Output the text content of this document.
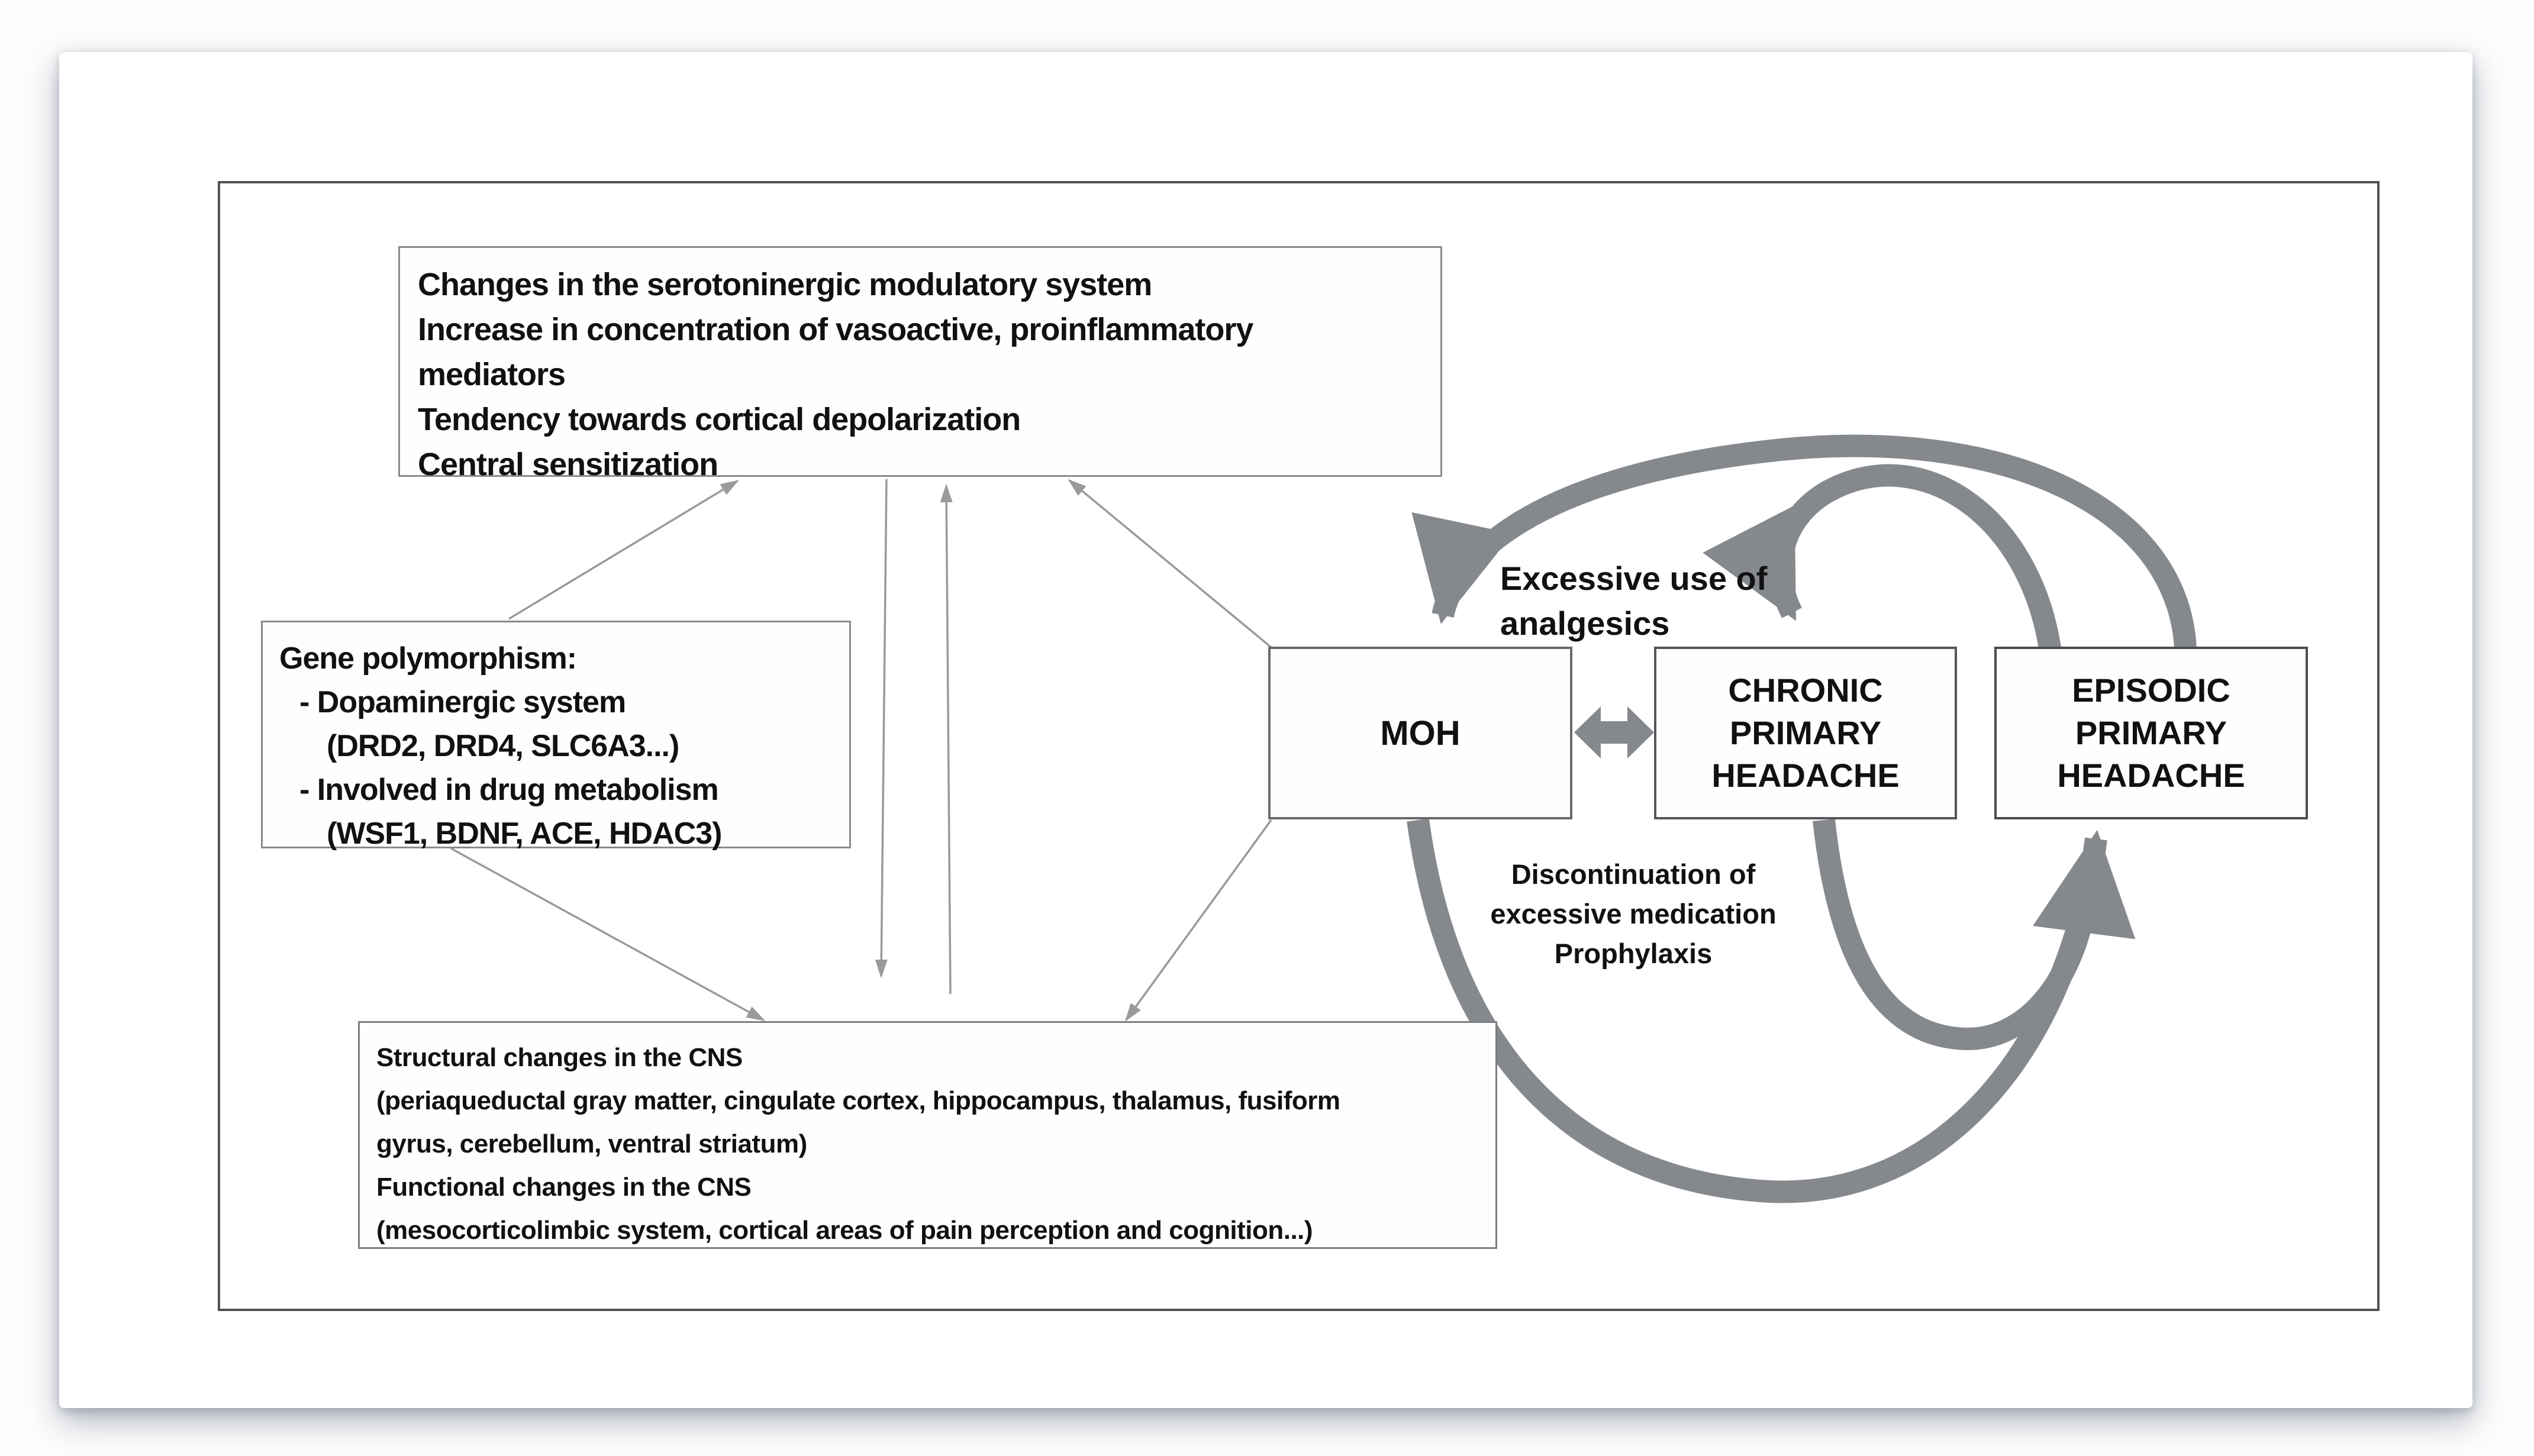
Changes in the serotoninergic modulatory system
Increase in concentration of vasoactive, proinflammatory
mediators
Tendency towards cortical depolarization
Central sensitization
Gene polymorphism:
- Dopaminergic system
(DRD2, DRD4, SLC6A3...)
- Involved in drug metabolism
(WSF1, BDNF, ACE, HDAC3)
Structural changes in the CNS
(periaqueductal gray matter, cingulate cortex, hippocampus, thalamus, fusiform
gyrus, cerebellum, ventral striatum)
Functional changes in the CNS
(mesocorticolimbic system, cortical areas of pain perception and cognition...)
MOH
CHRONIC
PRIMARY
HEADACHE
EPISODIC
PRIMARY
HEADACHE
Excessive use of
analgesics
Discontinuation of
excessive medication
Prophylaxis
